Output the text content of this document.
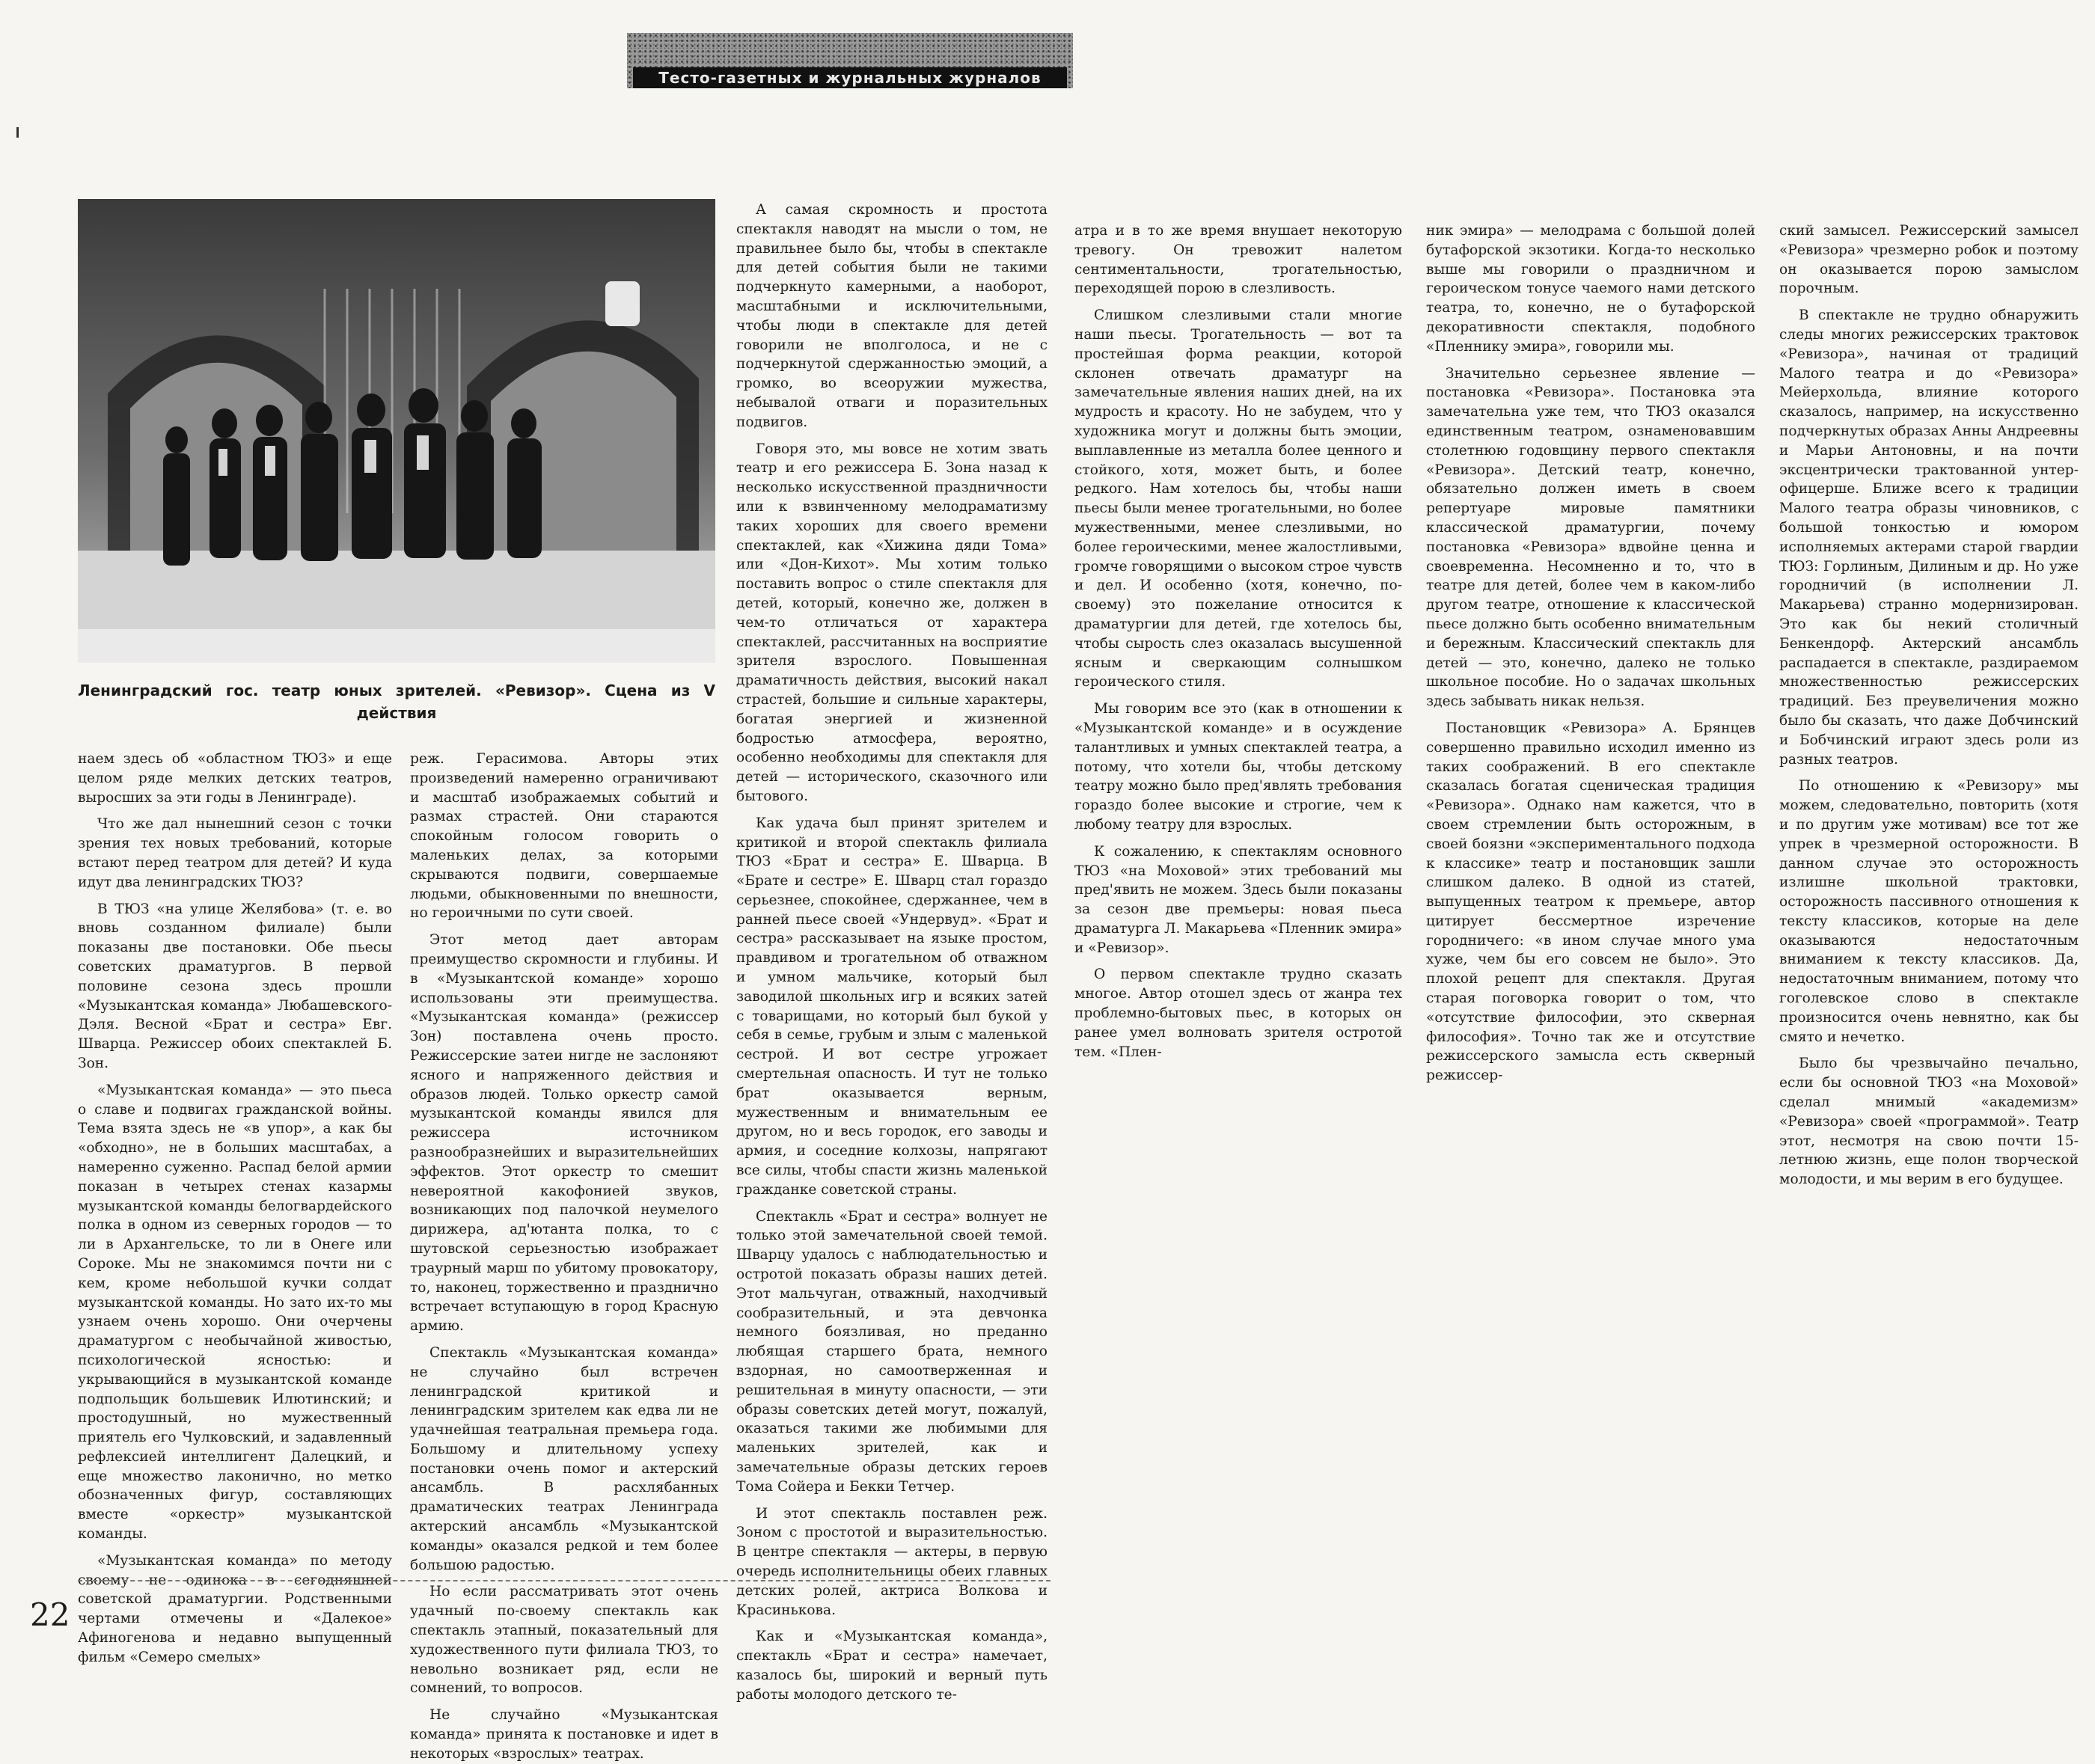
Тесто-газетных и журнальных журналов
Ленинградский гос. театр юных зрителей. «Ревизор». Сцена из V действия

наем здесь об «областном ТЮЗ» и еще целом ряде мелких детских театров, выросших за эти годы в Ленинграде).

Что же дал нынешний сезон с точки зрения тех новых требований, которые встают перед театром для детей? И куда идут два ленинградских ТЮЗ?

В ТЮЗ «на улице Желябова» (т. е. во вновь созданном филиале) были показаны две постановки. Обе пьесы советских драматургов. В первой половине сезона здесь прошли «Музыкантская команда» Любашевского-Дэля. Весной «Брат и сестра» Евг. Шварца. Режиссер обоих спектаклей Б. Зон.

«Музыкантская команда» — это пьеса о славе и подвигах гражданской войны. Тема взята здесь не «в упор», а как бы «обходно», не в больших масштабах, а намеренно суженно. Распад белой армии показан в четырех стенах казармы музыкантской команды белогвардейского полка в одном из северных городов — то ли в Архангельске, то ли в Онеге или Сороке. Мы не знакомимся почти ни с кем, кроме небольшой кучки солдат музыкантской команды. Но зато их-то мы узнаем очень хорошо. Они очерчены драматургом с необычайной живостью, психологической ясностью: и укрывающийся в музыкантской команде подпольщик большевик Илютинский; и простодушный, но мужественный приятель его Чулковский, и задавленный рефлексией интеллигент Далецкий, и еще множество лаконично, но метко обозначенных фигур, составляющих вместе «оркестр» музыкантской команды.

«Музыкантская команда» по методу своему не одинока в сегодняшней советской драматургии. Родственными чертами отмечены и «Далекое» Афиногенова и недавно выпущенный фильм «Семеро смелых»

реж. Герасимова. Авторы этих произведений намеренно ограничивают и масштаб изображаемых событий и размах страстей. Они стараются спокойным голосом говорить о маленьких делах, за которыми скрываются подвиги, совершаемые людьми, обыкновенными по внешности, но героичными по сути своей.

Этот метод дает авторам преимущество скромности и глубины. И в «Музыкантской команде» хорошо использованы эти преимущества. «Музыкантская команда» (режиссер Зон) поставлена очень просто. Режиссерские затеи нигде не заслоняют ясного и напряженного действия и образов людей. Только оркестр самой музыкантской команды явился для режиссера источником разнообразнейших и выразительнейших эффектов. Этот оркестр то смешит невероятной какофонией звуков, возникающих под палочкой неумелого дирижера, ад'ютанта полка, то с шутовской серьезностью изображает траурный марш по убитому провокатору, то, наконец, торжественно и празднично встречает вступающую в город Красную армию.

Спектакль «Музыкантская команда» не случайно был встречен ленинградской критикой и ленинградским зрителем как едва ли не удачнейшая театральная премьера года. Большому и длительному успеху постановки очень помог и актерский ансамбль. В расхлябанных драматических театрах Ленинграда актерский ансамбль «Музыкантской команды» оказался редкой и тем более большою радостью.

Но если рассматривать этот очень удачный по-своему спектакль как спектакль этапный, показательный для художественного пути филиала ТЮЗ, то невольно возникает ряд, если не сомнений, то вопросов.

Не случайно «Музыкантская команда» принята к постановке и идет в некоторых «взрослых» театрах.

А самая скромность и простота спектакля наводят на мысли о том, не правильнее было бы, чтобы в спектакле для детей события были не такими подчеркнуто камерными, а наоборот, масштабными и исключительными, чтобы люди в спектакле для детей говорили не вполголоса, и не с подчеркнутой сдержанностью эмоций, а громко, во всеоружии мужества, небывалой отваги и поразительных подвигов.

Говоря это, мы вовсе не хотим звать театр и его режиссера Б. Зона назад к несколько искусственной праздничности или к взвинченному мелодраматизму таких хороших для своего времени спектаклей, как «Хижина дяди Тома» или «Дон-Кихот». Мы хотим только поставить вопрос о стиле спектакля для детей, который, конечно же, должен в чем-то отличаться от характера спектаклей, рассчитанных на восприятие зрителя взрослого. Повышенная драматичность действия, высокий накал страстей, большие и сильные характеры, богатая энергией и жизненной бодростью атмосфера, вероятно, особенно необходимы для спектакля для детей — исторического, сказочного или бытового.

Как удача был принят зрителем и критикой и второй спектакль филиала ТЮЗ «Брат и сестра» Е. Шварца. В «Брате и сестре» Е. Шварц стал гораздо серьезнее, спокойнее, сдержаннее, чем в ранней пьесе своей «Ундервуд». «Брат и сестра» рассказывает на языке простом, правдивом и трогательном об отважном и умном мальчике, который был заводилой школьных игр и всяких затей с товарищами, но который был букой у себя в семье, грубым и злым с маленькой сестрой. И вот сестре угрожает смертельная опасность. И тут не только брат оказывается верным, мужественным и внимательным ее другом, но и весь городок, его заводы и армия, и соседние колхозы, напрягают все силы, чтобы спасти жизнь маленькой гражданке советской страны.

Спектакль «Брат и сестра» волнует не только этой замечательной своей темой. Шварцу удалось с наблюдательностью и остротой показать образы наших детей. Этот мальчуган, отважный, находчивый сообразительный, и эта девчонка немного боязливая, но преданно любящая старшего брата, немного вздорная, но самоотверженная и решительная в минуту опасности, — эти образы советских детей могут, пожалуй, оказаться такими же любимыми для маленьких зрителей, как и замечательные образы детских героев Тома Сойера и Бекки Тетчер.

И этот спектакль поставлен реж. Зоном с простотой и выразительностью. В центре спектакля — актеры, в первую очередь исполнительницы обеих главных детских ролей, актриса Волкова и Красинькова.

Как и «Музыкантская команда», спектакль «Брат и сестра» намечает, казалось бы, широкий и верный путь работы молодого детского те-

атра и в то же время внушает некоторую тревогу. Он тревожит налетом сентиментальности, трогательностью, переходящей порою в слезливость.

Слишком слезливыми стали многие наши пьесы. Трогательность — вот та простейшая форма реакции, которой склонен отвечать драматург на замечательные явления наших дней, на их мудрость и красоту. Но не забудем, что у художника могут и должны быть эмоции, выплавленные из металла более ценного и стойкого, хотя, может быть, и более редкого. Нам хотелось бы, чтобы наши пьесы были менее трогательными, но более мужественными, менее слезливыми, но более героическими, менее жалостливыми, громче говорящими о высоком строе чувств и дел. И особенно (хотя, конечно, по-своему) это пожелание относится к драматургии для детей, где хотелось бы, чтобы сырость слез оказалась высушенной ясным и сверкающим солнышком героического стиля.

Мы говорим все это (как в отношении к «Музыкантской команде» и в осуждение талантливых и умных спектаклей театра, а потому, что хотели бы, чтобы детскому театру можно было пред'являть требования гораздо более высокие и строгие, чем к любому театру для взрослых.

К сожалению, к спектаклям основного ТЮЗ «на Моховой» этих требований мы пред'явить не можем. Здесь были показаны за сезон две премьеры: новая пьеса драматурга Л. Макарьева «Пленник эмира» и «Ревизор».

О первом спектакле трудно сказать многое. Автор отошел здесь от жанра тех проблемно-бытовых пьес, в которых он ранее умел волновать зрителя остротой тем. «Плен-

ник эмира» — мелодрама с большой долей бутафорской экзотики. Когда-то несколько выше мы говорили о праздничном и героическом тонусе чаемого нами детского театра, то, конечно, не о бутафорской декоративности спектакля, подобного «Пленнику эмира», говорили мы.

Значительно серьезнее явление — постановка «Ревизора». Постановка эта замечательна уже тем, что ТЮЗ оказался единственным театром, ознаменовавшим столетнюю годовщину первого спектакля «Ревизора». Детский театр, конечно, обязательно должен иметь в своем репертуаре мировые памятники классической драматургии, почему постановка «Ревизора» вдвойне ценна и своевременна. Несомненно и то, что в театре для детей, более чем в каком-либо другом театре, отношение к классической пьесе должно быть особенно внимательным и бережным. Классический спектакль для детей — это, конечно, далеко не только школьное пособие. Но о задачах школьных здесь забывать никак нельзя.

Постановщик «Ревизора» А. Брянцев совершенно правильно исходил именно из таких соображений. В его спектакле сказалась богатая сценическая традиция «Ревизора». Однако нам кажется, что в своем стремлении быть осторожным, в своей боязни «экспериментального подхода к классике» театр и постановщик зашли слишком далеко. В одной из статей, выпущенных театром к премьере, автор цитирует бессмертное изречение городничего: «в ином случае много ума хуже, чем бы его совсем не было». Это плохой рецепт для спектакля. Другая старая поговорка говорит о том, что «отсутствие философии, это скверная философия». Точно так же и отсутствие режиссерского замысла есть скверный режиссер-

ский замысел. Режиссерский замысел «Ревизора» чрезмерно робок и поэтому он оказывается порою замыслом порочным.

В спектакле не трудно обнаружить следы многих режиссерских трактовок «Ревизора», начиная от традиций Малого театра и до «Ревизора» Мейерхольда, влияние которого сказалось, например, на искусственно подчеркнутых образах Анны Андреевны и Марьи Антоновны, и на почти эксцентрически трактованной унтер-офицерше. Ближе всего к традиции Малого театра образы чиновников, с большой тонкостью и юмором исполняемых актерами старой гвардии ТЮЗ: Горлиным, Дилиным и др. Но уже городничий (в исполнении Л. Макарьева) странно модернизирован. Это как бы некий столичный Бенкендорф. Актерский ансамбль распадается в спектакле, раздираемом множественностью режиссерских традиций. Без преувеличения можно было бы сказать, что даже Добчинский и Бобчинский играют здесь роли из разных театров.

По отношению к «Ревизору» мы можем, следовательно, повторить (хотя и по другим уже мотивам) все тот же упрек в чрезмерной осторожности. В данном случае это осторожность излишне школьной трактовки, осторожность пассивного отношения к тексту классиков, которые на деле оказываются недостаточным вниманием к тексту классиков. Да, недостаточным вниманием, потому что гоголевское слово в спектакле произносится очень невнятно, как бы смято и нечетко.

Было бы чрезвычайно печально, если бы основной ТЮЗ «на Моховой» сделал мнимый «академизм» «Ревизора» своей «программой». Театр этот, несмотря на свою почти 15-летнюю жизнь, еще полон творческой молодости, и мы верим в его будущее.

22
